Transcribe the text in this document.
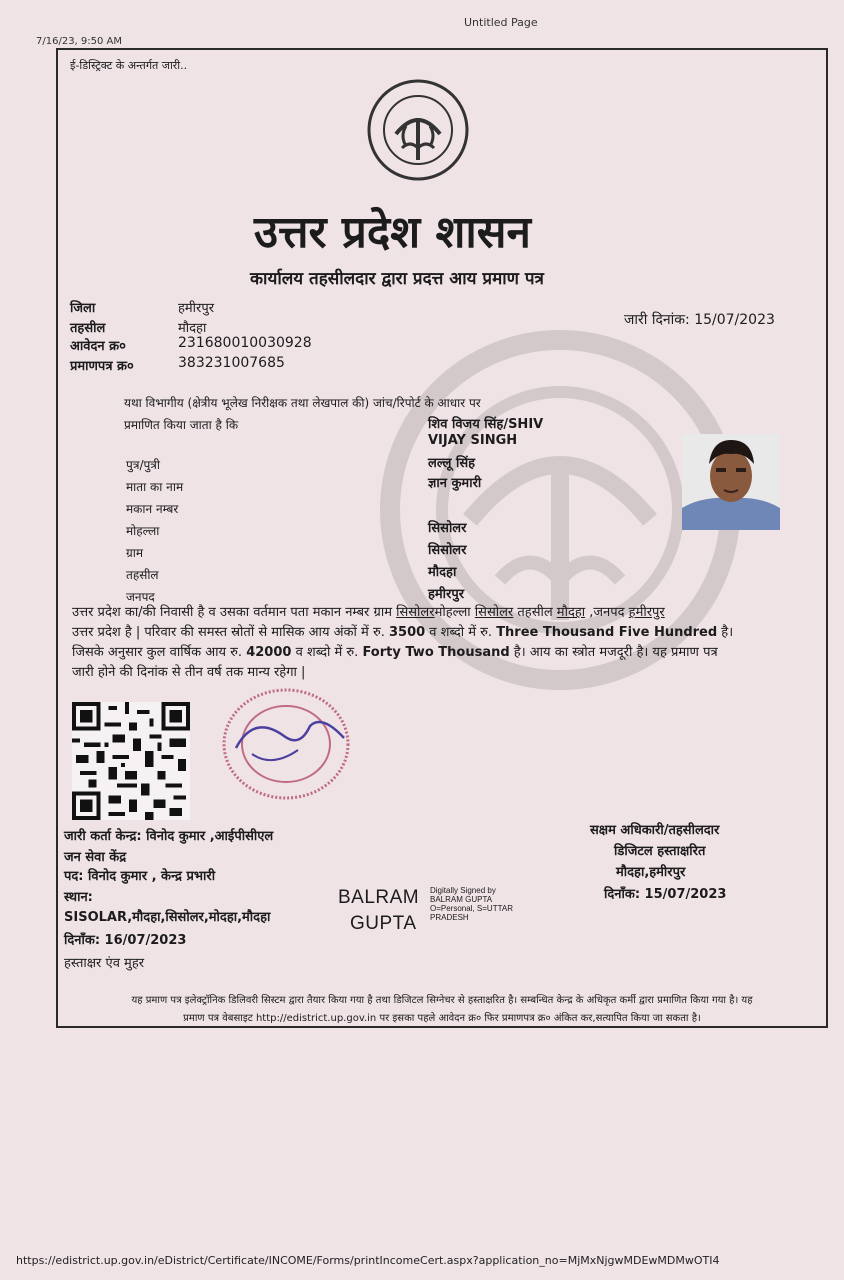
7/16/23, 9:50 AM
Untitled Page
ई-डिस्ट्रिक्ट के अन्तर्गत जारी..
उत्तर प्रदेश शासन
कार्यालय तहसीलदार द्वारा प्रदत्त आय प्रमाण पत्र
जिला	हमीरपुर
तहसील	मौदहा
आवेदन क्र०	231680010030928
प्रमाणपत्र क्र०	383231007685
जारी दिनांक: 15/07/2023
यथा विभागीय (क्षेत्रीय भूलेख निरीक्षक तथा लेखपाल की) जांच/रिपोर्ट के आधार पर
प्रमाणित किया जाता है कि	शिव विजय सिंह/SHIV
VIJAY SINGH
पुत्र/पुत्री	लल्लू सिंह
माता का नाम	ज्ञान कुमारी
मकान नम्बर
मोहल्ला	सिसोलर
ग्राम	सिसोलर
तहसील	मौदहा
जनपद	हमीरपुर
उत्तर प्रदेश का/की निवासी है व उसका वर्तमान पता मकान नम्बर ग्राम सिसोलरमोहल्ला सिसोलर तहसील मौदहा ,जनपद हमीरपुर
उत्तर प्रदेश है | परिवार की समस्त स्रोतों से मासिक आय अंकों में रु. 3500 व शब्दो में रु. Three Thousand Five Hundred है।
जिसके अनुसार कुल वार्षिक आय रु. 42000 व शब्दो में रु. Forty Two Thousand है। आय का स्त्रोत मजदूरी है। यह प्रमाण पत्र
जारी होने की दिनांक से तीन वर्ष तक मान्य रहेगा |
जारी कर्ता केन्द्र: विनोद कुमार ,आईपीसीएल
जन सेवा केंद्र
पद: विनोद कुमार , केन्द्र प्रभारी
स्थान:
SISOLAR,मौदहा,सिसोलर,मोदहा,मौदहा
दिनाँक: 16/07/2023
हस्ताक्षर एंव मुहर
BALRAM
GUPTA
Digitally Signed by
BALRAM GUPTA
O=Personal, S=UTTAR
PRADESH
सक्षम अधिकारी/तहसीलदार
डिजिटल हस्ताक्षरित
मौदहा,हमीरपुर
दिनाँक: 15/07/2023
यह प्रमाण पत्र इलेक्ट्रॉनिक डिलिवरी सिस्टम द्वारा तैयार किया गया है तथा डिजिटल सिग्नेचर से हस्ताक्षरित है। सम्बन्धित केन्द्र के अधिकृत कर्मी द्वारा प्रमाणित किया गया है। यह
प्रमाण पत्र वेबसाइट http://edistrict.up.gov.in पर इसका पहले आवेदन क्र० फिर प्रमाणपत्र क्र० अंकित कर,सत्यापित किया जा सकता है।
https://edistrict.up.gov.in/eDistrict/Certificate/INCOME/Forms/printIncomeCert.aspx?application_no=MjMxNjgwMDEwMDMwOTI4
